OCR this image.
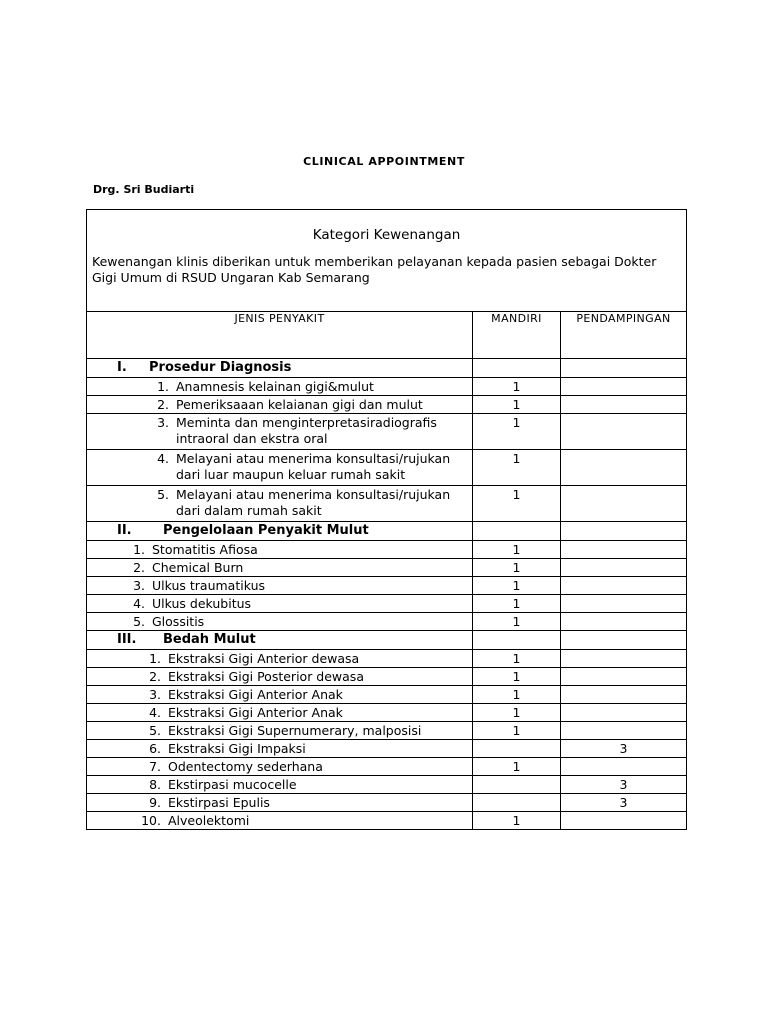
CLINICAL APPOINTMENT
Drg. Sri Budiarti
Kategori Kewenangan
Kewenangan klinis diberikan untuk memberikan pelayanan kepada pasien sebagai Dokter Gigi Umum di RSUD Ungaran Kab Semarang		

JENIS PENYAKIT	MANDIRI	PENDAMPINGAN

I. Prosedur Diagnosis		

1. Anamnesis kelainan gigi&mulut	1	

2. Pemeriksaaan kelaianan gigi dan mulut	1	

3. Meminta dan menginterpretasiradiografis intraoral dan ekstra oral	1	

4. Melayani atau menerima konsultasi/rujukan dari luar maupun keluar rumah sakit	1	

5. Melayani atau menerima konsultasi/rujukan dari dalam rumah sakit	1	

II. Pengelolaan Penyakit Mulut		

1. Stomatitis Afiosa	1	

2. Chemical Burn	1	

3. Ulkus traumatikus	1	

4. Ulkus dekubitus	1	

5. Glossitis	1	

III. Bedah Mulut		

1. Ekstraksi Gigi Anterior dewasa	1	

2. Ekstraksi Gigi Posterior dewasa	1	

3. Ekstraksi Gigi Anterior Anak	1	

4. Ekstraksi Gigi Anterior Anak	1	

5. Ekstraksi Gigi Supernumerary, malposisi	1	

6. Ekstraksi Gigi Impaksi		3

7. Odentectomy sederhana	1	

8. Ekstirpasi mucocelle		3

9. Ekstirpasi Epulis		3

10. Alveolektomi	1	
